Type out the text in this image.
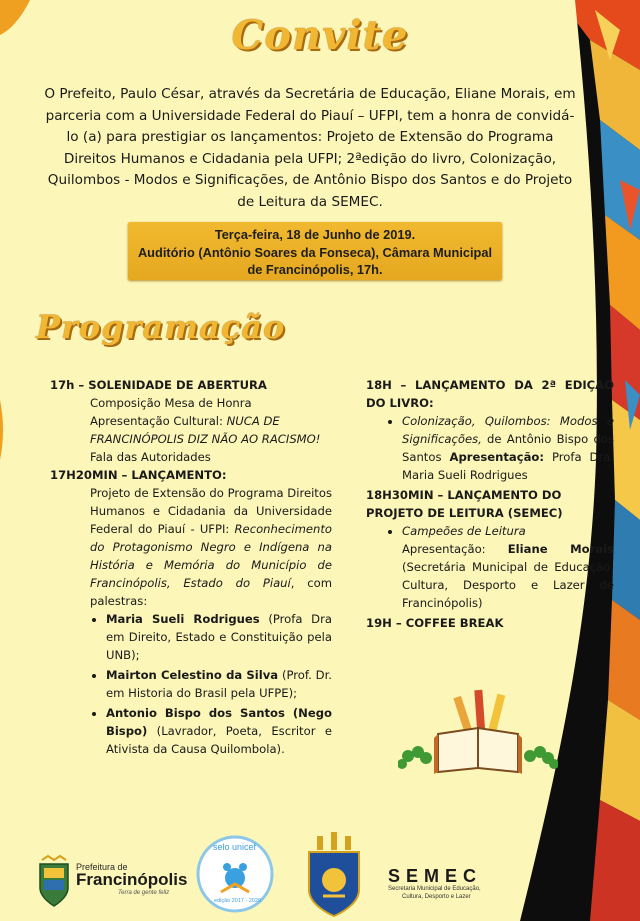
Convite
O Prefeito, Paulo César, através da Secretária de Educação, Eliane Morais, em parceria com a Universidade Federal do Piauí – UFPI, tem a honra de convidá-lo (a) para prestigiar os lançamentos: Projeto de Extensão do Programa Direitos Humanos e Cidadania pela UFPI; 2ªedição do livro, Colonização, Quilombos - Modos e Significações, de Antônio Bispo dos Santos e do Projeto de Leitura da SEMEC.
Terça-feira, 18 de Junho de 2019.
Auditório (Antônio Soares da Fonseca), Câmara Municipal
de Francinópolis, 17h.
Programação
17h – SOLENIDADE DE ABERTURA
Composição Mesa de Honra
Apresentação Cultural: NUCA DE FRANCINÓPOLIS DIZ NÃO AO RACISMO!
Fala das Autoridades
17H20MIN – LANÇAMENTO:
Projeto de Extensão do Programa Direitos Humanos e Cidadania da Universidade Federal do Piauí - UFPI: Reconhecimento do Protagonismo Negro e Indígena na História e Memória do Município de Francinópolis, Estado do Piauí, com palestras:
• Maria Sueli Rodrigues (Profa Dra em Direito, Estado e Constituição pela UNB);
• Mairton Celestino da Silva (Prof. Dr. em Historia do Brasil pela UFPE);
• Antonio Bispo dos Santos (Nego Bispo) (Lavrador, Poeta, Escritor e Ativista da Causa Quilombola).
18H – LANÇAMENTO DA 2ª EDIÇAO DO LIVRO:
• Colonização, Quilombos: Modos e Significações, de Antônio Bispo dos Santos Apresentação: Profa Dra. Maria Sueli Rodrigues
18H30MIN – LANÇAMENTO DO PROJETO DE LEITURA (SEMEC)
• Campeões de Leitura
Apresentação: Eliane Morais (Secretária Municipal de Educação, Cultura, Desporto e Lazer de Francinópolis)
19H – COFFEE BREAK
Prefeitura de
Francinópolis
Terra de gente feliz
selo unicef
edição 2017 - 2020
SEMEC
Secretaria Municipal de Educação,
Cultura, Desporto e Lazer
